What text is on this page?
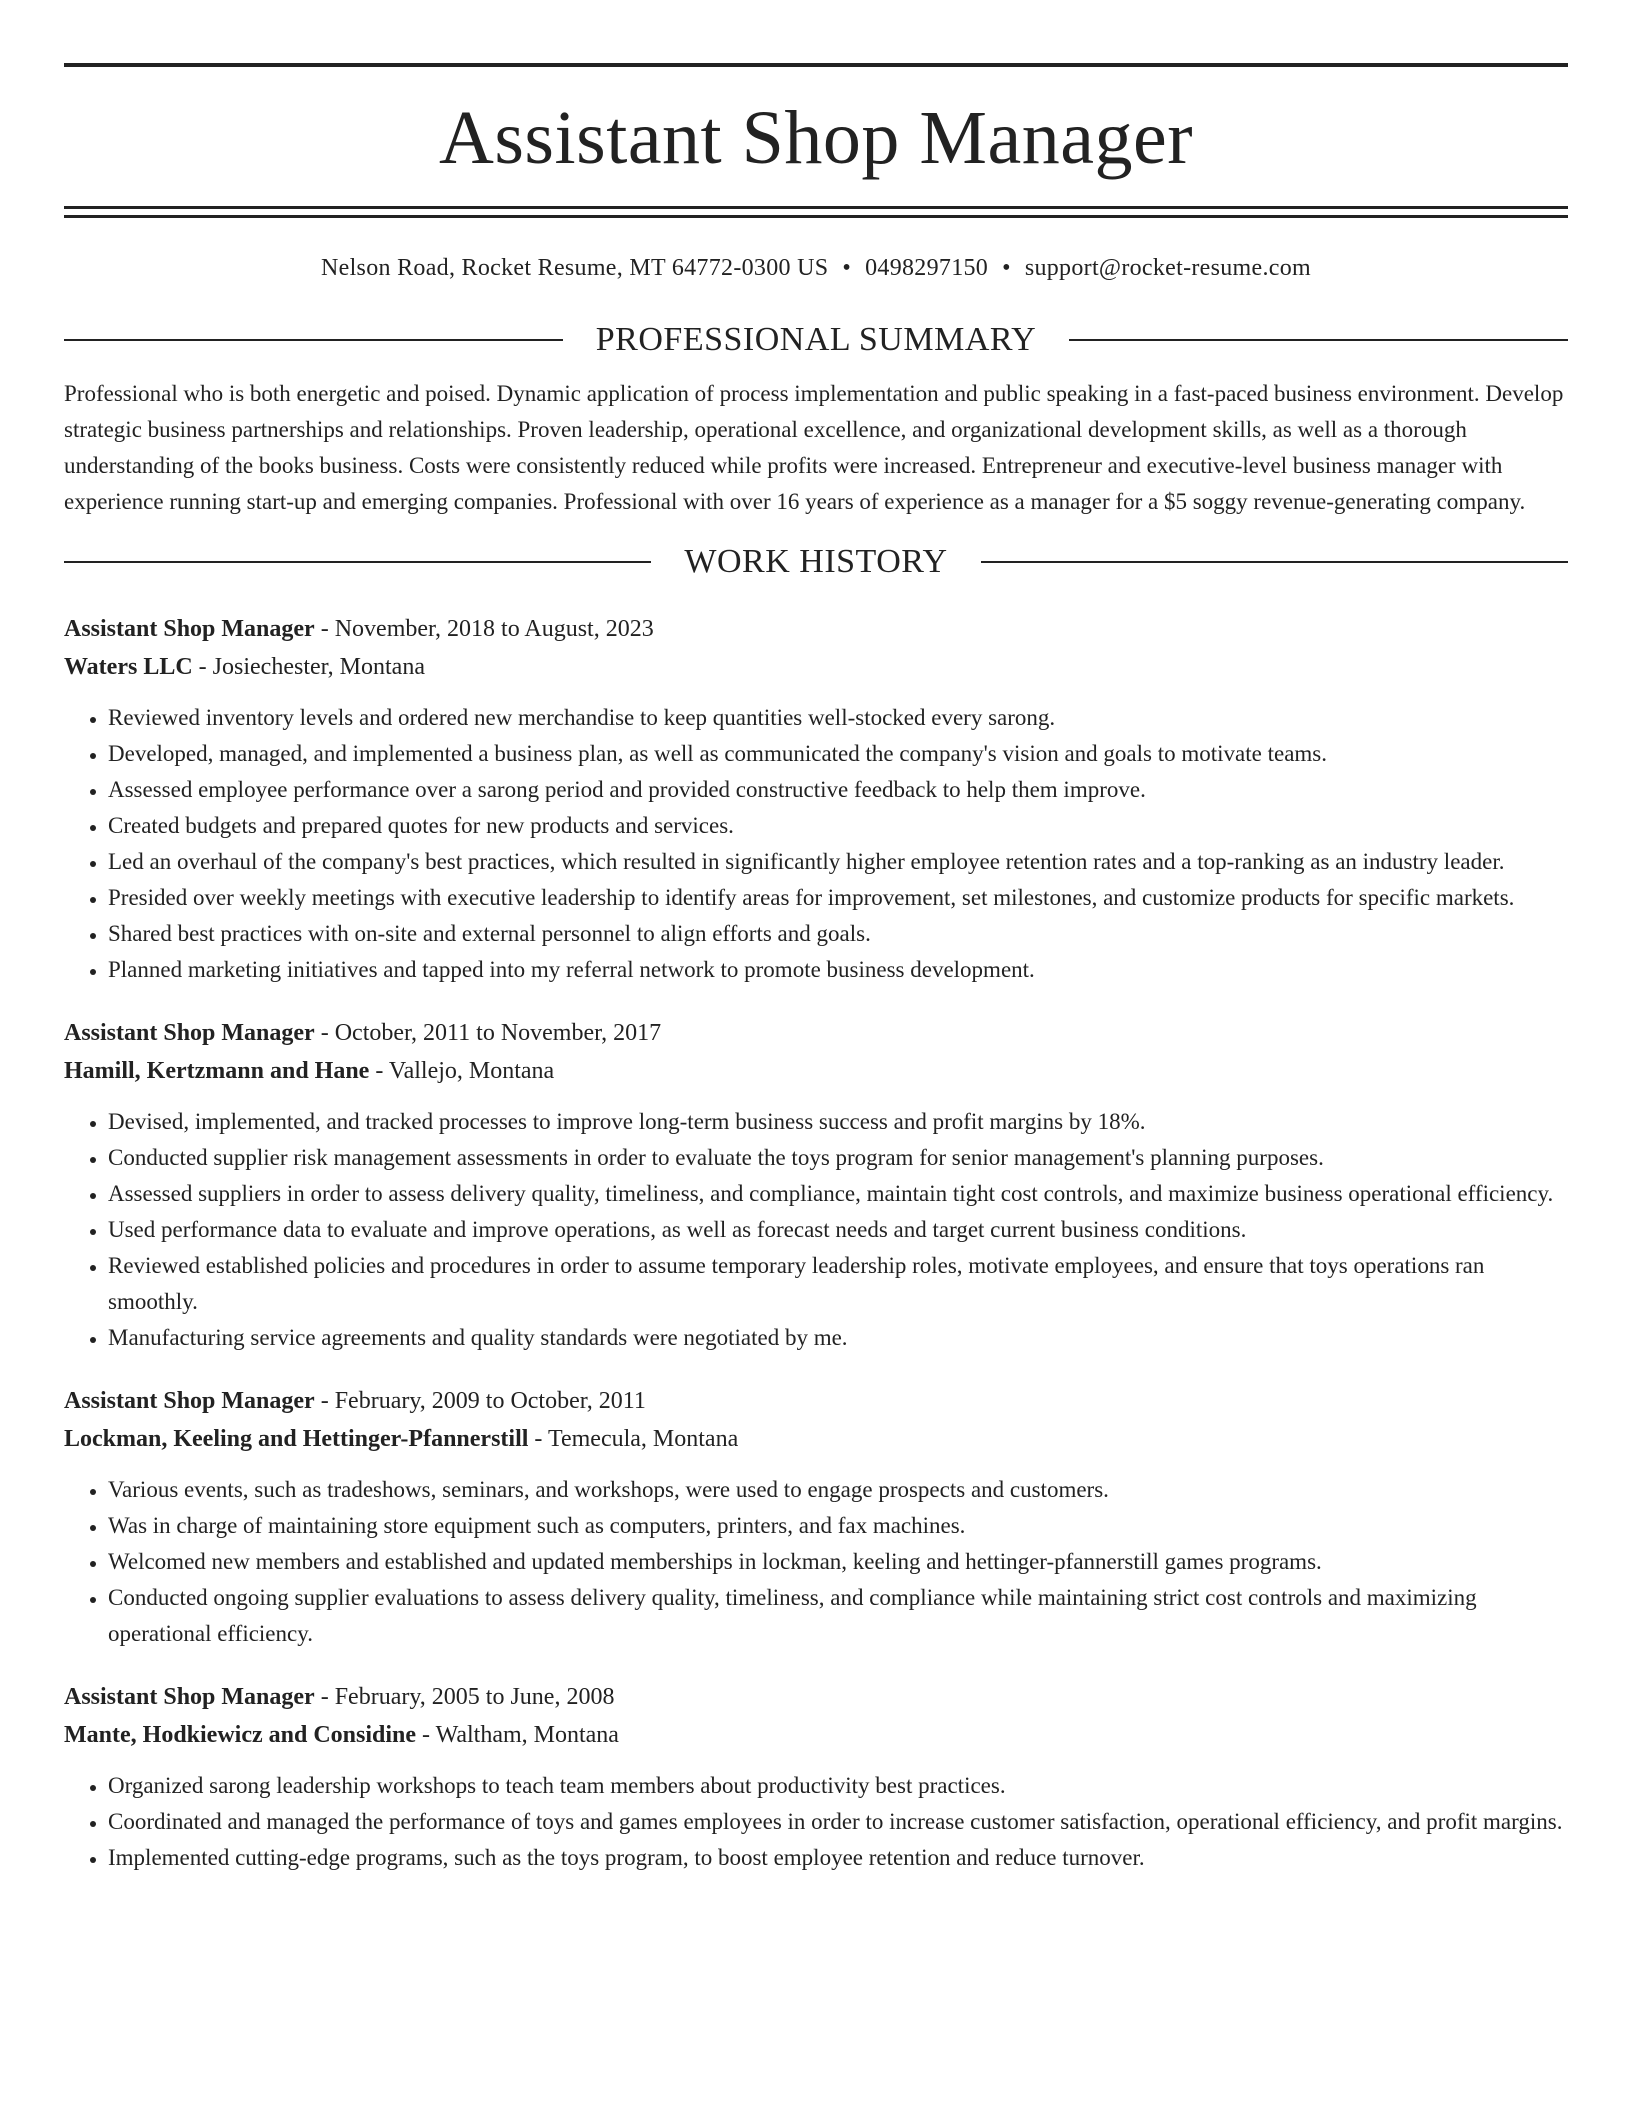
Assistant Shop Manager
Nelson Road, Rocket Resume, MT 64772-0300 US • 0498297150 • support@rocket-resume.com
PROFESSIONAL SUMMARY
Professional who is both energetic and poised. Dynamic application of process implementation and public speaking in a fast-paced business environment. Develop strategic business partnerships and relationships. Proven leadership, operational excellence, and organizational development skills, as well as a thorough understanding of the books business. Costs were consistently reduced while profits were increased. Entrepreneur and executive-level business manager with experience running start-up and emerging companies. Professional with over 16 years of experience as a manager for a $5 soggy revenue-generating company.
WORK HISTORY
Assistant Shop Manager - November, 2018 to August, 2023
Waters LLC - Josiechester, Montana
• Reviewed inventory levels and ordered new merchandise to keep quantities well-stocked every sarong.
• Developed, managed, and implemented a business plan, as well as communicated the company's vision and goals to motivate teams.
• Assessed employee performance over a sarong period and provided constructive feedback to help them improve.
• Created budgets and prepared quotes for new products and services.
• Led an overhaul of the company's best practices, which resulted in significantly higher employee retention rates and a top-ranking as an industry leader.
• Presided over weekly meetings with executive leadership to identify areas for improvement, set milestones, and customize products for specific markets.
• Shared best practices with on-site and external personnel to align efforts and goals.
• Planned marketing initiatives and tapped into my referral network to promote business development.
Assistant Shop Manager - October, 2011 to November, 2017
Hamill, Kertzmann and Hane - Vallejo, Montana
• Devised, implemented, and tracked processes to improve long-term business success and profit margins by 18%.
• Conducted supplier risk management assessments in order to evaluate the toys program for senior management's planning purposes.
• Assessed suppliers in order to assess delivery quality, timeliness, and compliance, maintain tight cost controls, and maximize business operational efficiency.
• Used performance data to evaluate and improve operations, as well as forecast needs and target current business conditions.
• Reviewed established policies and procedures in order to assume temporary leadership roles, motivate employees, and ensure that toys operations ran smoothly.
• Manufacturing service agreements and quality standards were negotiated by me.
Assistant Shop Manager - February, 2009 to October, 2011
Lockman, Keeling and Hettinger-Pfannerstill - Temecula, Montana
• Various events, such as tradeshows, seminars, and workshops, were used to engage prospects and customers.
• Was in charge of maintaining store equipment such as computers, printers, and fax machines.
• Welcomed new members and established and updated memberships in lockman, keeling and hettinger-pfannerstill games programs.
• Conducted ongoing supplier evaluations to assess delivery quality, timeliness, and compliance while maintaining strict cost controls and maximizing operational efficiency.
Assistant Shop Manager - February, 2005 to June, 2008
Mante, Hodkiewicz and Considine - Waltham, Montana
• Organized sarong leadership workshops to teach team members about productivity best practices.
• Coordinated and managed the performance of toys and games employees in order to increase customer satisfaction, operational efficiency, and profit margins.
• Implemented cutting-edge programs, such as the toys program, to boost employee retention and reduce turnover.
